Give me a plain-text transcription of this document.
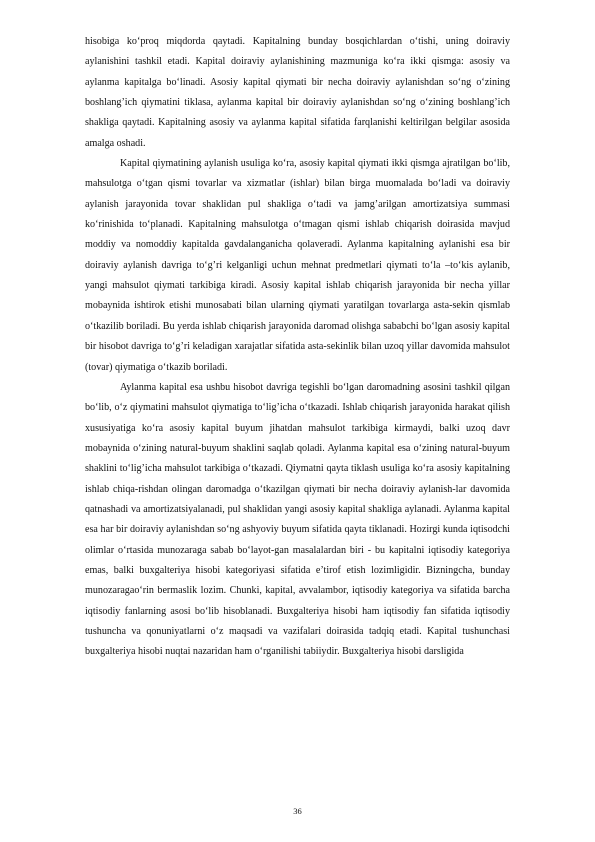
hisobiga ko‘proq miqdorda qaytadi. Kapitalning bunday bosqichlardan o‘tishi, uning doiraviy aylanishini tashkil etadi. Kapital doiraviy aylanishining mazmuniga ko‘ra ikki qismga: asosiy va aylanma kapitalga bo‘linadi. Asosiy kapital qiymati bir necha doiraviy aylanishdan so‘ng o‘zining boshlang’ich qiymatini tiklasa, aylanma kapital bir doiraviy aylanishdan so‘ng o‘zining boshlang’ich shakliga qaytadi. Kapitalning asosiy va aylanma kapital sifatida farqlanishi keltirilgan belgilar asosida amalga oshadi.

Kapital qiymatining aylanish usuliga ko‘ra, asosiy kapital qiymati ikki qismga ajratilgan bo‘lib, mahsulotga o‘tgan qismi tovarlar va xizmatlar (ishlar) bilan birga muomalada bo‘ladi va doiraviy aylanish jarayonida tovar shaklidan pul shakliga o‘tadi va jamg’arilgan amortizatsiya summasi ko‘rinishida to‘planadi. Kapitalning mahsulotga o‘tmagan qismi ishlab chiqarish doirasida mavjud moddiy va nomoddiy kapitalda gavdalanganicha qolaveradi. Aylanma kapitalning aylanishi esa bir doiraviy aylanish davriga to‘g’ri kelganligi uchun mehnat predmetlari qiymati to‘la –to‘kis aylanib, yangi mahsulot qiymati tarkibiga kiradi. Asosiy kapital ishlab chiqarish jarayonida bir necha yillar mobaynida ishtirok etishi munosabati bilan ularning qiymati yaratilgan tovarlarga asta-sekin qismlab o‘tkazilib boriladi. Bu yerda ishlab chiqarish jarayonida daromad olishga sababchi bo‘lgan asosiy kapital bir hisobot davriga to‘g’ri keladigan xarajatlar sifatida asta-sekinlik bilan uzoq yillar davomida mahsulot (tovar) qiymatiga o‘tkazib boriladi.

Aylanma kapital esa ushbu hisobot davriga tegishli bo‘lgan daromadning asosini tashkil qilgan bo‘lib, o‘z qiymatini mahsulot qiymatiga to‘lig’icha o‘tkazadi. Ishlab chiqarish jarayonida harakat qilish xususiyatiga ko‘ra asosiy kapital buyum jihatdan mahsulot tarkibiga kirmaydi, balki uzoq davr mobaynida o‘zining natural-buyum shaklini saqlab qoladi. Aylanma kapital esa o‘zining natural-buyum shaklini to‘lig’icha mahsulot tarkibiga o‘tkazadi. Qiymatni qayta tiklash usuliga ko‘ra asosiy kapitalning ishlab chiqa-rishdan olingan daromadga o‘tkazilgan qiymati bir necha doiraviy aylanish-lar davomida qatnashadi va amortizatsiyalanadi, pul shaklidan yangi asosiy kapital shakliga aylanadi. Aylanma kapital esa har bir doiraviy aylanishdan so‘ng ashyoviy buyum sifatida qayta tiklanadi. Hozirgi kunda iqtisodchi olimlar o‘rtasida munozaraga sabab bo‘layot-gan masalalardan biri - bu kapitalni iqtisodiy kategoriya emas, balki buxgalteriya hisobi kategoriyasi sifatida e’tirof etish lozimligidir. Bizningcha, bunday munozaragao‘rin bermaslik lozim. Chunki, kapital, avvalambor, iqtisodiy kategoriya va sifatida barcha iqtisodiy fanlarning asosi bo‘lib hisoblanadi. Buxgalteriya hisobi ham iqtisodiy fan sifatida iqtisodiy tushuncha va qonuniyatlarni o‘z maqsadi va vazifalari doirasida tadqiq etadi. Kapital tushunchasi buxgalteriya hisobi nuqtai nazaridan ham o‘rganilishi tabiiydir. Buxgalteriya hisobi darsligida

36
